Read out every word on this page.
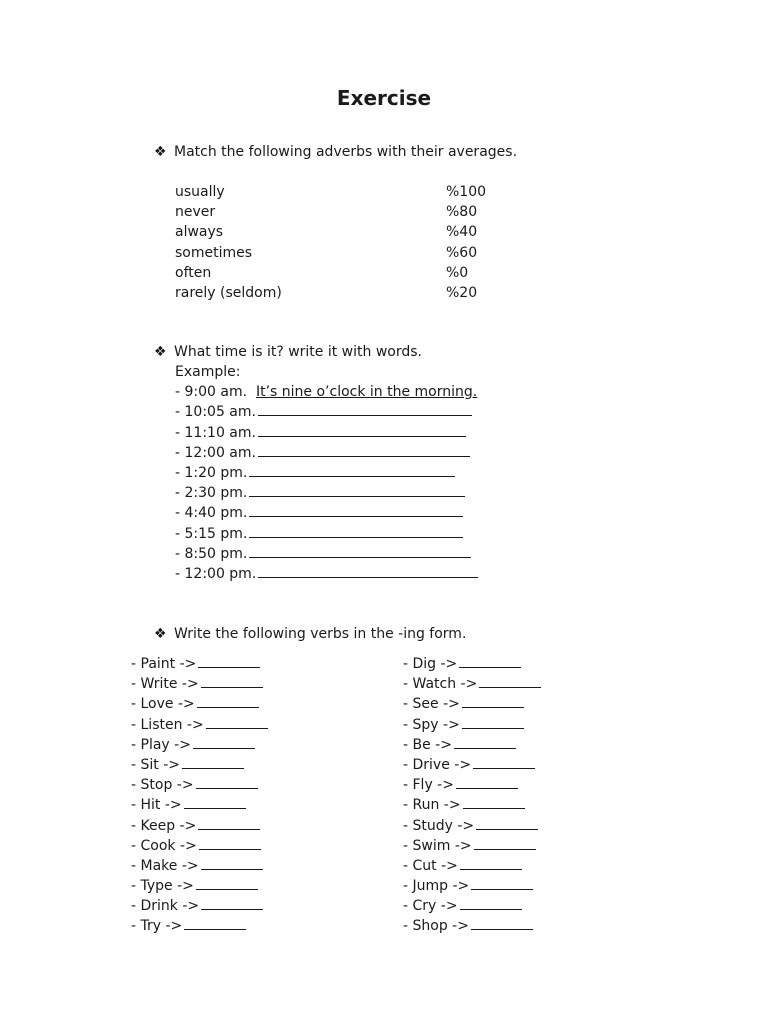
Exercise
❖ Match the following adverbs with their averages.
usually	%100
never	%80
always	%40
sometimes	%60
often	%0
rarely (seldom)	%20
❖ What time is it? write it with words.
Example:
- 9:00 am. It’s nine o’clock in the morning.
- 10:05 am.
- 11:10 am.
- 12:00 am.
- 1:20 pm.
- 2:30 pm.
- 4:40 pm.
- 5:15 pm.
- 8:50 pm.
- 12:00 pm.
❖ Write the following verbs in the -ing form.
- Paint ->
- Write ->
- Love ->
- Listen ->
- Play ->
- Sit ->
- Stop ->
- Hit ->
- Keep ->
- Cook ->
- Make ->
- Type ->
- Drink ->
- Try ->
- Dig ->
- Watch ->
- See ->
- Spy ->
- Be ->
- Drive ->
- Fly ->
- Run ->
- Study ->
- Swim ->
- Cut ->
- Jump ->
- Cry ->
- Shop ->
